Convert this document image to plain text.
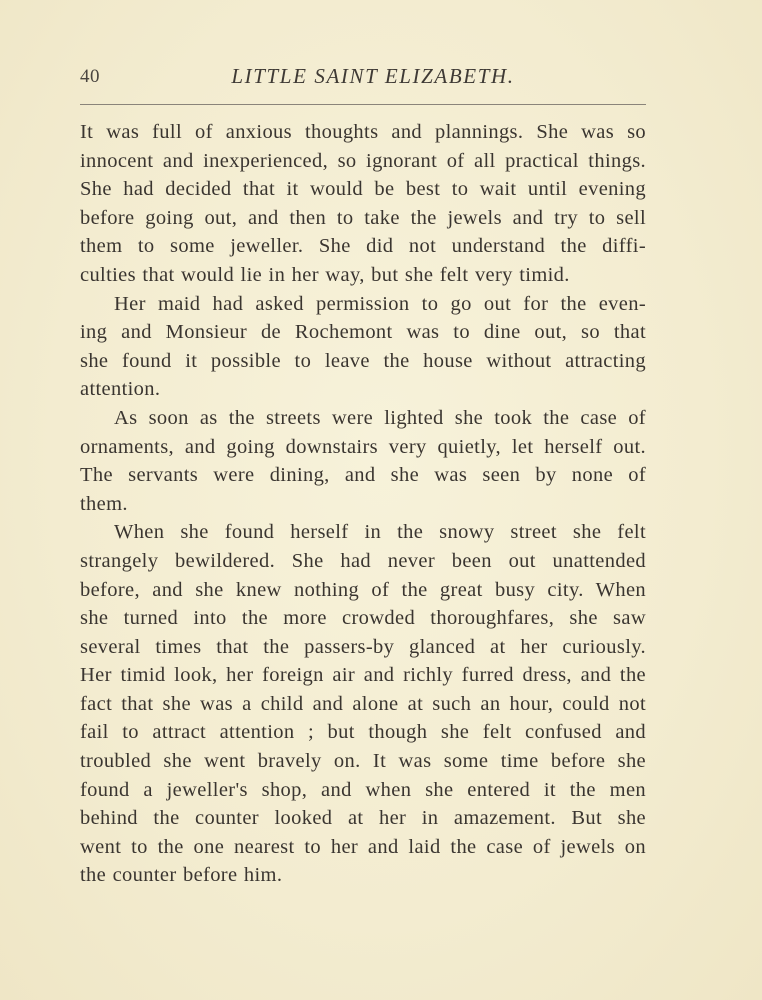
40	LITTLE SAINT ELIZABETH.
It was full of anxious thoughts and plannings. She was so
innocent and inexperienced, so ignorant of all practical things.
She had decided that it would be best to wait until evening
before going out, and then to take the jewels and try to sell
them to some jeweller. She did not understand the diffi-
culties that would lie in her way, but she felt very timid.
Her maid had asked permission to go out for the even-
ing and Monsieur de Rochemont was to dine out, so that
she found it possible to leave the house without attracting
attention.
As soon as the streets were lighted she took the case of
ornaments, and going downstairs very quietly, let herself out.
The servants were dining, and she was seen by none of
them.
When she found herself in the snowy street she felt
strangely bewildered. She had never been out unattended
before, and she knew nothing of the great busy city. When
she turned into the more crowded thoroughfares, she saw
several times that the passers-by glanced at her curiously.
Her timid look, her foreign air and richly furred dress, and the
fact that she was a child and alone at such an hour, could not
fail to attract attention ; but though she felt confused and
troubled she went bravely on. It was some time before she
found a jeweller's shop, and when she entered it the men
behind the counter looked at her in amazement. But she
went to the one nearest to her and laid the case of jewels on
the counter before him.
